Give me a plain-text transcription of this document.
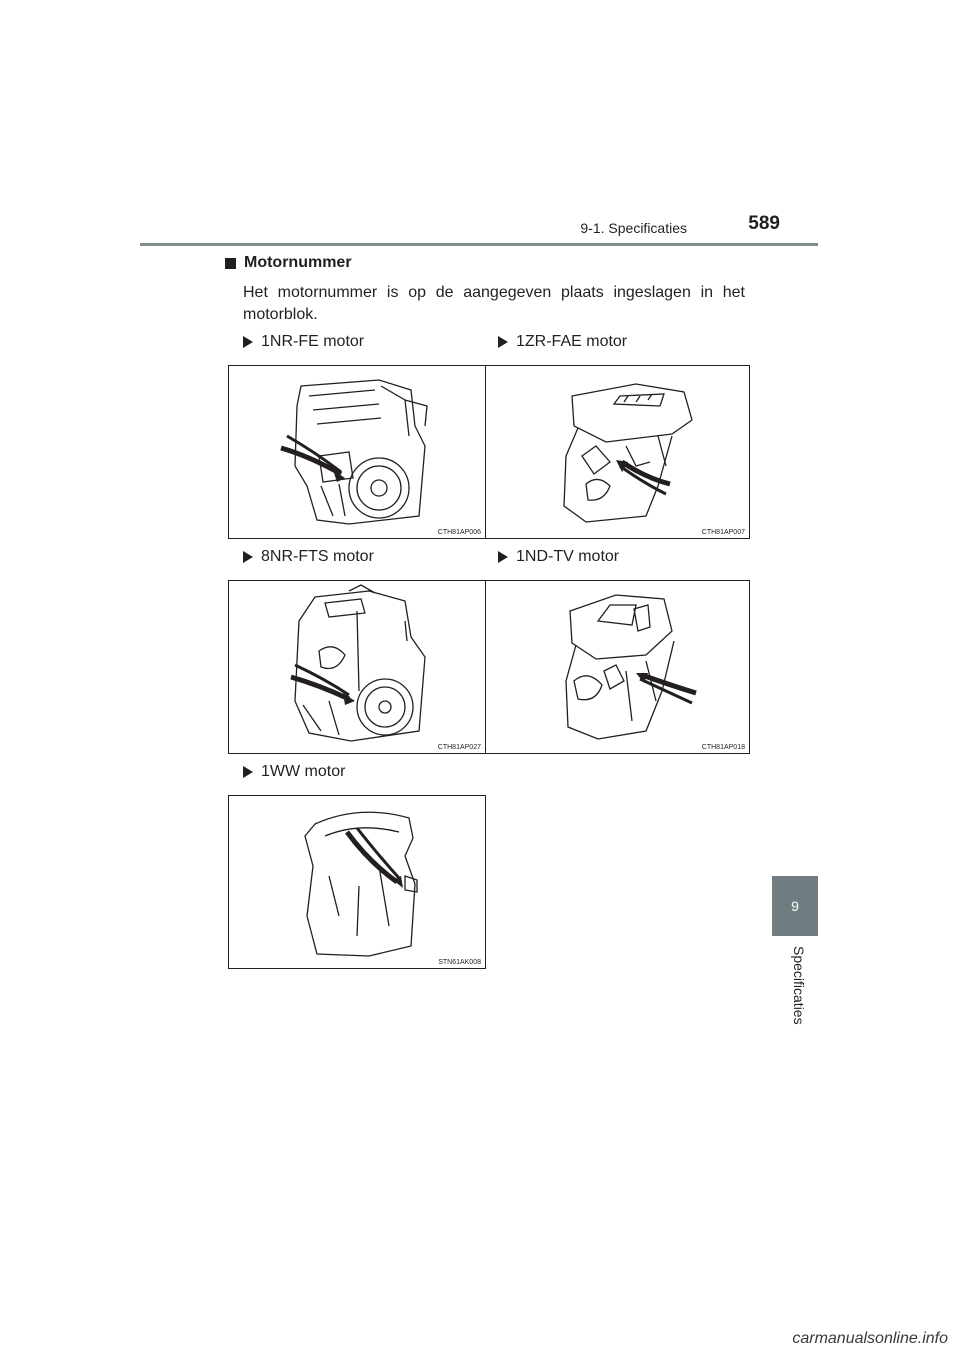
9-1. Specificaties	589
9
Specificaties
Motornummer
Het motornummer is op de aangegeven plaats ingeslagen in het motorblok.
1NR-FE motor	1ZR-FAE motor
8NR-FTS motor	1ND-TV motor
1WW motor
CTH81AP006	CTH81AP007
CTH81AP027	CTH81AP018
STN61AK008
carmanualsonline.info
